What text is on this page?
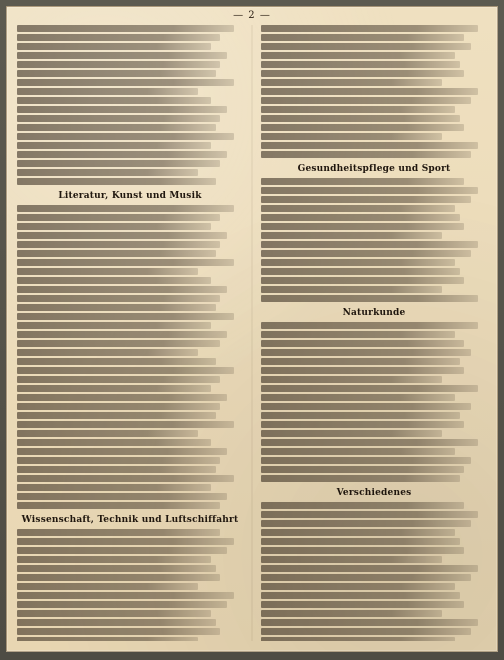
— 2 —
Literatur, Kunst und Musik
Wissenschaft, Technik und Luftschiffahrt
Gesundheitspflege und Sport
Naturkunde
Verschiedenes
